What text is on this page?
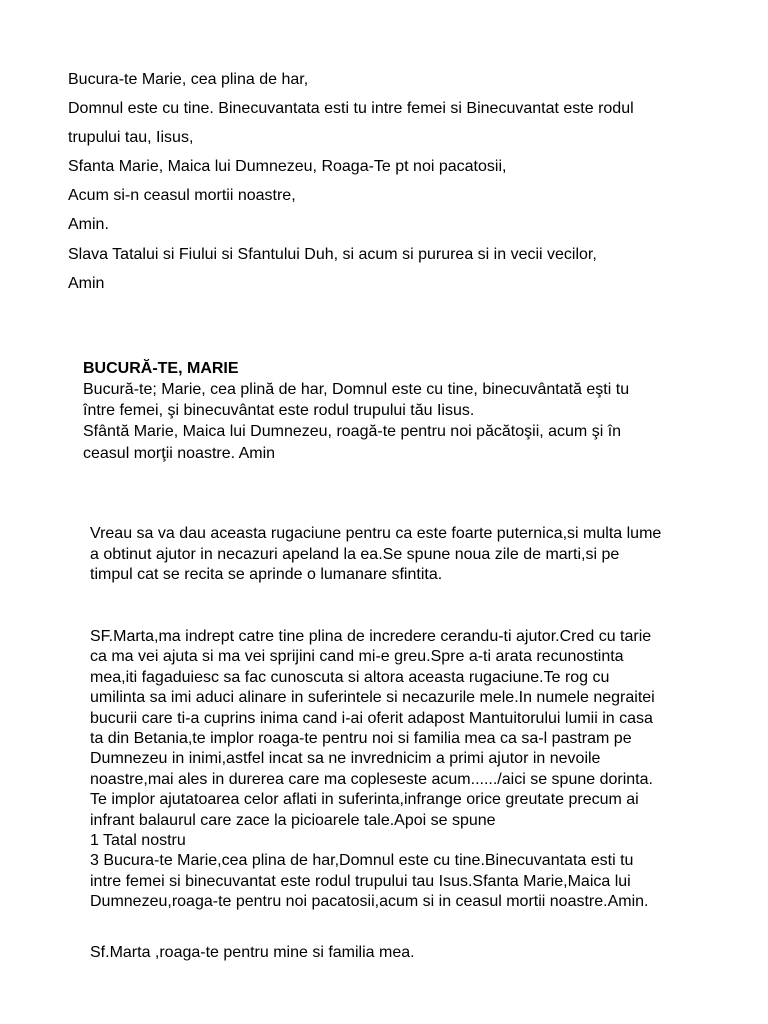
Bucura-te Marie, cea plina de har,
Domnul este cu tine. Binecuvantata esti tu intre femei si Binecuvantat este rodul
trupului tau, Iisus,
Sfanta Marie, Maica lui Dumnezeu, Roaga-Te pt noi pacatosii,
Acum si-n ceasul mortii noastre,
Amin.
Slava Tatalui si Fiului si Sfantului Duh, si acum si pururea si in vecii vecilor,
Amin
BUCURĂ-TE, MARIE
Bucură-te; Marie, cea plină de har, Domnul este cu tine, binecuvântată eşti tu
între femei, şi binecuvântat este rodul trupului tău Iisus.
Sfântă Marie, Maica lui Dumnezeu, roagă-te pentru noi păcătoşii, acum şi în
ceasul morţii noastre. Amin
Vreau sa va dau aceasta rugaciune pentru ca este foarte puternica,si multa lume
a obtinut ajutor in necazuri apeland la ea.Se spune noua zile de marti,si pe
timpul cat se recita se aprinde o lumanare sfintita.
SF.Marta,ma indrept catre tine plina de incredere cerandu-ti ajutor.Cred cu tarie
ca ma vei ajuta si ma vei sprijini cand mi-e greu.Spre a-ti arata recunostinta
mea,iti fagaduiesc sa fac cunoscuta si altora aceasta rugaciune.Te rog cu
umilinta sa imi aduci alinare in suferintele si necazurile mele.In numele negraitei
bucurii care ti-a cuprins inima cand i-ai oferit adapost Mantuitorului lumii in casa
ta din Betania,te implor roaga-te pentru noi si familia mea ca sa-l pastram pe
Dumnezeu in inimi,astfel incat sa ne invrednicim a primi ajutor in nevoile
noastre,mai ales in durerea care ma copleseste acum....../aici se spune dorinta.
Te implor ajutatoarea celor aflati in suferinta,infrange orice greutate precum ai
infrant balaurul care zace la picioarele tale.Apoi se spune
1 Tatal nostru
3 Bucura-te Marie,cea plina de har,Domnul este cu tine.Binecuvantata esti tu
intre femei si binecuvantat este rodul trupului tau Isus.Sfanta Marie,Maica lui
Dumnezeu,roaga-te pentru noi pacatosii,acum si in ceasul mortii noastre.Amin.
Sf.Marta ,roaga-te pentru mine si familia mea.
